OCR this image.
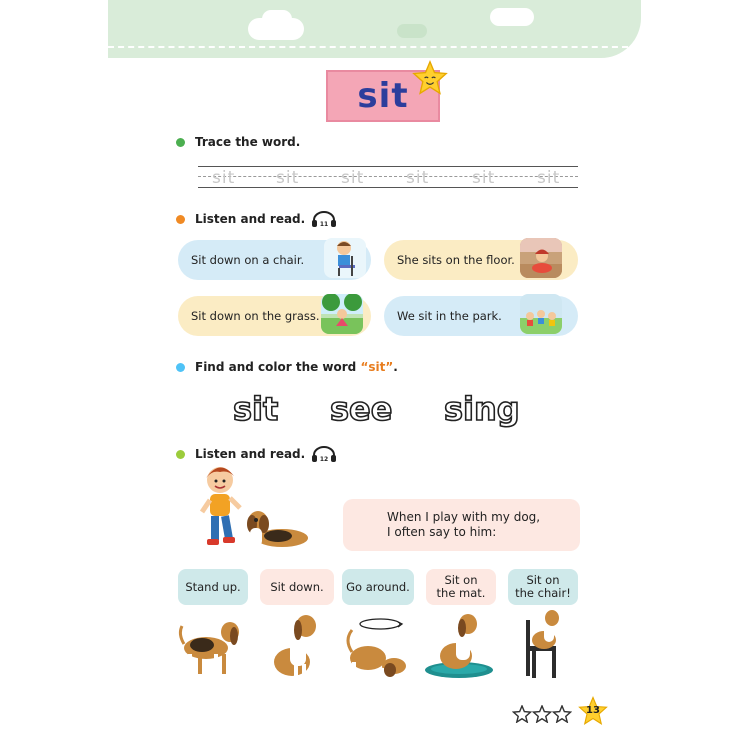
sit
Trace the word.
sit sit sit sit	sit sit
Listen and read. 11
Sit down on a chair.	She sits on the floor.
Sit down on the grass.	We sit in the park.
Find and color the word “sit” .
sit see sing
Listen and read. 12
When I play with my dog,
I often say to him:
Stand up.	Sit down. Go around.	Sit on
the mat.
Sit on
the chair!
13
